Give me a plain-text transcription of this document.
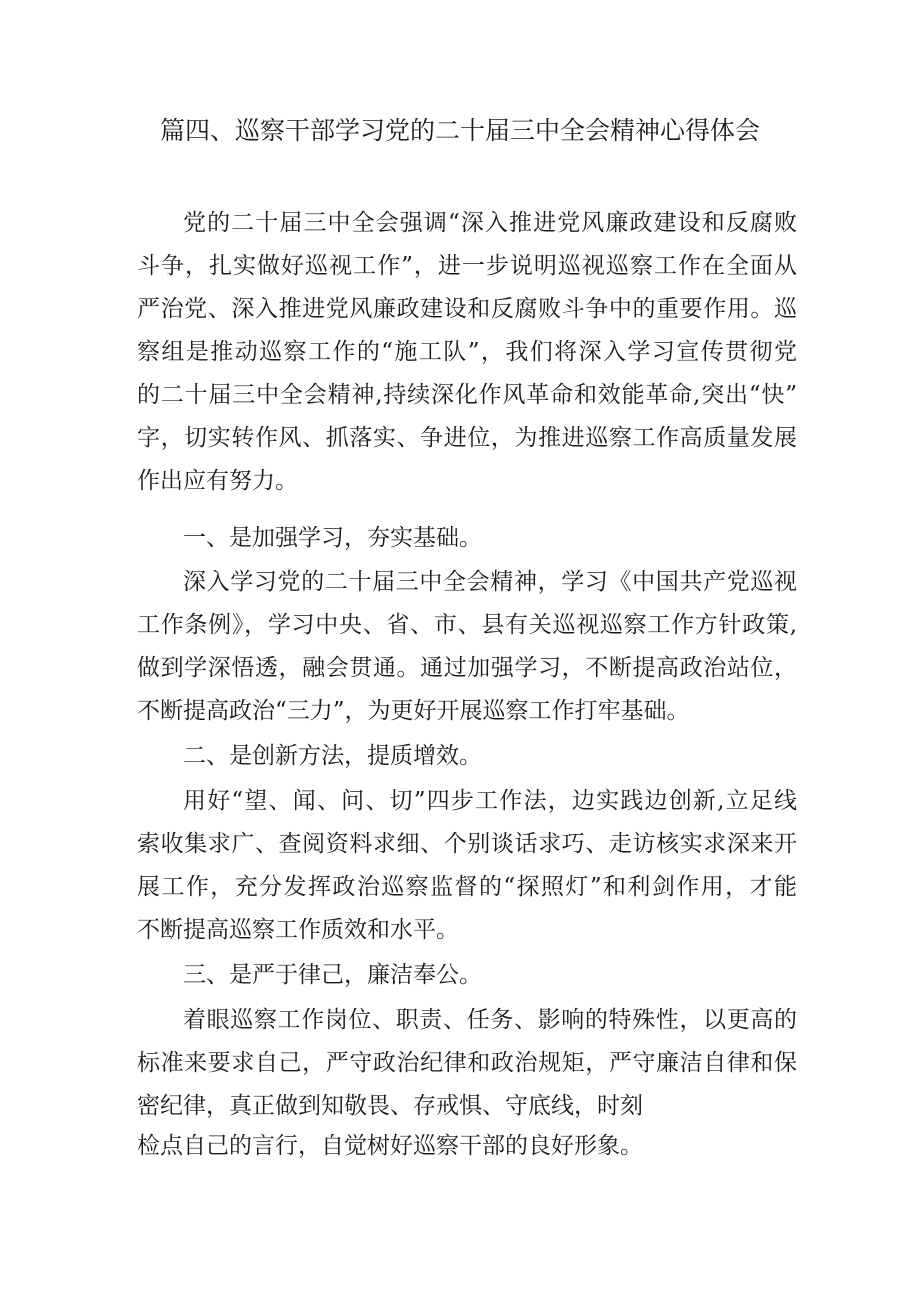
篇四、巡察干部学习党的二十届三中全会精神心得体会

党的二十届三中全会强调“深入推进党风廉政建设和反腐败

斗争，扎实做好巡视工作”，进一步说明巡视巡察工作在全面从

严治党、深入推进党风廉政建设和反腐败斗争中的重要作用。巡

察组是推动巡察工作的“施工队”，我们将深入学习宣传贯彻党

的二十届三中全会精神,持续深化作风革命和效能革命,突出“快”

字，切实转作风、抓落实、争进位，为推进巡察工作高质量发展

作出应有努力。

一、是加强学习，夯实基础。

深入学习党的二十届三中全会精神，学习《中国共产党巡视

工作条例》，学习中央、省、市、县有关巡视巡察工作方针政策,

做到学深悟透，融会贯通。通过加强学习，不断提高政治站位，

不断提高政治“三力”，为更好开展巡察工作打牢基础。

二、是创新方法，提质增效。

用好“望、闻、问、切”四步工作法，边实践边创新,立足线

索收集求广、查阅资料求细、个别谈话求巧、走访核实求深来开

展工作，充分发挥政治巡察监督的“探照灯”和利剑作用，才能

不断提高巡察工作质效和水平。

三、是严于律己，廉洁奉公。

着眼巡察工作岗位、职责、任务、影响的特殊性，以更高的

标准来要求自己，严守政治纪律和政治规矩，严守廉洁自律和保

密纪律，真正做到知敬畏、存戒惧、守底线，时刻

检点自己的言行，自觉树好巡察干部的良好形象。
